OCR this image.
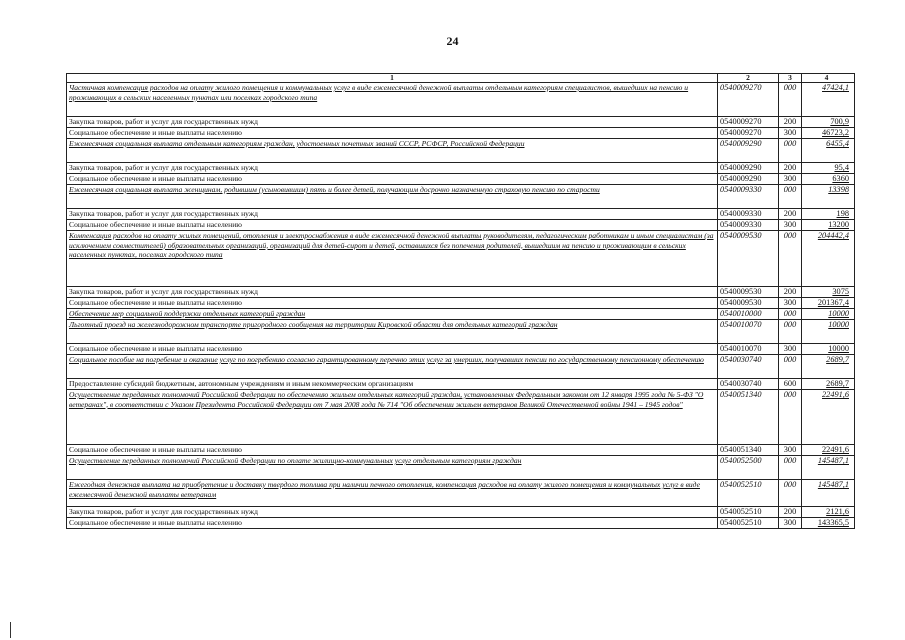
24
1	2	3	4
Частичная компенсация расходов на оплату жилого помещения и коммунальных услуг в виде ежемесячной денежной выплаты отдельным категориям специалистов, вышедших на пенсию и проживающих в сельских населенных пунктах или поселках городского типа	0540009270	000	47424,1
Закупка товаров, работ и услуг для государственных нужд	0540009270	200	700,9
Социальное обеспечение и иные выплаты населению	0540009270	300	46723,2
Ежемесячная социальная выплата отдельным категориям граждан, удостоенных почетных званий СССР, РСФСР, Российской Федерации	0540009290	000	6455,4
Закупка товаров, работ и услуг для государственных нужд	0540009290	200	95,4
Социальное обеспечение и иные выплаты населению	0540009290	300	6360
Ежемесячная социальная выплата женщинам, родившим (усыновившим) пять и более детей, получающим досрочно назначенную страховую пенсию по старости	0540009330	000	13398
Закупка товаров, работ и услуг для государственных нужд	0540009330	200	198
Социальное обеспечение и иные выплаты населению	0540009330	300	13200
Компенсация расходов на оплату жилых помещений, отопления и электроснабжения в виде ежемесячной денежной выплаты руководителям, педагогическим работникам и иным специалистам (за исключением совместителей) образовательных организаций, организаций для детей-сирот и детей, оставшихся без попечения родителей, вышедшим на пенсию и проживающим в сельских населенных пунктах, поселках городского типа	0540009530	000	204442,4
Закупка товаров, работ и услуг для государственных нужд	0540009530	200	3075
Социальное обеспечение и иные выплаты населению	0540009530	300	201367,4
Обеспечение мер социальной поддержки отдельных категорий граждан	0540010000	000	10000
Льготный проезд на железнодорожном транспорте пригородного сообщения на территории Кировской области для отдельных категорий граждан	0540010070	000	10000
Социальное обеспечение и иные выплаты населению	0540010070	300	10000
Социальное пособие на погребение и оказание услуг по погребению согласно гарантированному перечню этих услуг за умерших, получавших пенсии по государственному пенсионному обеспечению	0540030740	000	2689,7
Предоставление субсидий бюджетным, автономным учреждениям и иным некоммерческим организациям	0540030740	600	2689,7
Осуществление переданных полномочий Российской Федерации по обеспечению жильем отдельных категорий граждан, установленных Федеральным законом от 12 января 1995 года № 5-ФЗ "О ветеранах", в соответствии с Указом Президента Российской Федерации от 7 мая 2008 года № 714 "Об обеспечении жильем ветеранов Великой Отечественной войны 1941 – 1945 годов"	0540051340	000	22491,6
Социальное обеспечение и иные выплаты населению	0540051340	300	22491,6
Осуществление переданных полномочий Российской Федерации по оплате жилищно-коммунальных услуг отдельным категориям граждан	0540052500	000	145487,1
Ежегодная денежная выплата на приобретение и доставку твердого топлива при наличии печного отопления, компенсация расходов на оплату жилого помещения и коммунальных услуг в виде ежемесячной денежной выплаты ветеранам	0540052510	000	145487,1
Закупка товаров, работ и услуг для государственных нужд	0540052510	200	2121,6
Социальное обеспечение и иные выплаты населению	0540052510	300	143365,5
